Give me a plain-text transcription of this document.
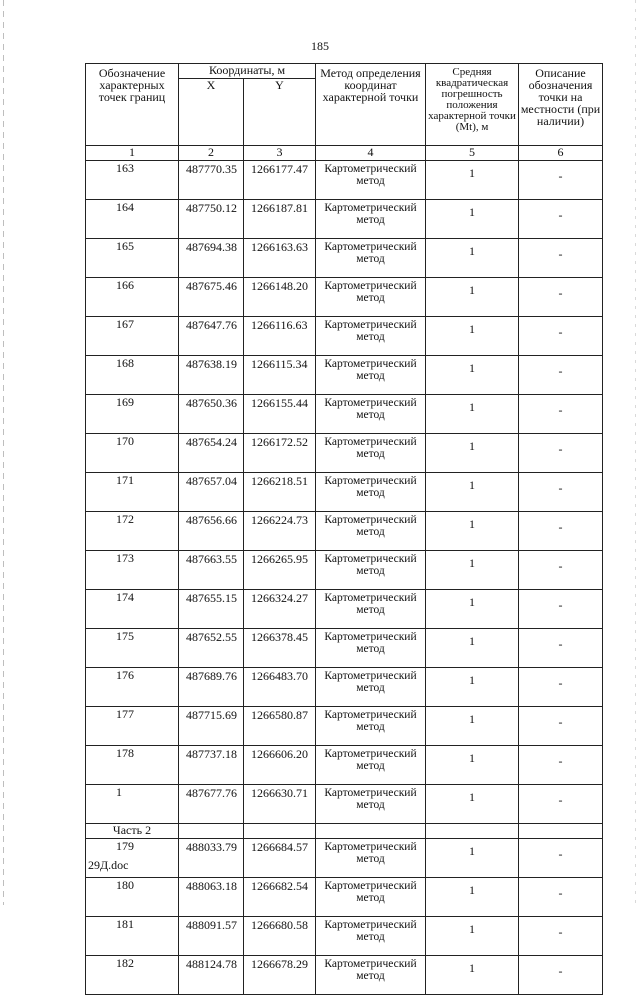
185
Обозначение характерных точек границ	Координаты, м		Метод определения координат характерной точки	Средняя квадратическая погрешность положения характерной точки (Mt), м	Описание обозначения точки на местности (при наличии)

	X	Y			
1	2	3	4	5	6
163	487770.35	1266177.47	Картометрический метод	1	-
164	487750.12	1266187.81	Картометрический метод	1	-
165	487694.38	1266163.63	Картометрический метод	1	-
166	487675.46	1266148.20	Картометрический метод	1	-
167	487647.76	1266116.63	Картометрический метод	1	-
168	487638.19	1266115.34	Картометрический метод	1	-
169	487650.36	1266155.44	Картометрический метод	1	-
170	487654.24	1266172.52	Картометрический метод	1	-
171	487657.04	1266218.51	Картометрический метод	1	-
172	487656.66	1266224.73	Картометрический метод	1	-
173	487663.55	1266265.95	Картометрический метод	1	-
174	487655.15	1266324.27	Картометрический метод	1	-
175	487652.55	1266378.45	Картометрический метод	1	-
176	487689.76	1266483.70	Картометрический метод	1	-
177	487715.69	1266580.87	Картометрический метод	1	-
178	487737.18	1266606.20	Картометрический метод	1	-
1	487677.76	1266630.71	Картометрический метод	1	-
Часть 2					
179	488033.79	1266684.57	Картометрический метод	1	-
180	488063.18	1266682.54	Картометрический метод	1	-
181	488091.57	1266680.58	Картометрический метод	1	-
182	488124.78	1266678.29	Картометрический метод	1	-
29Д.doc
